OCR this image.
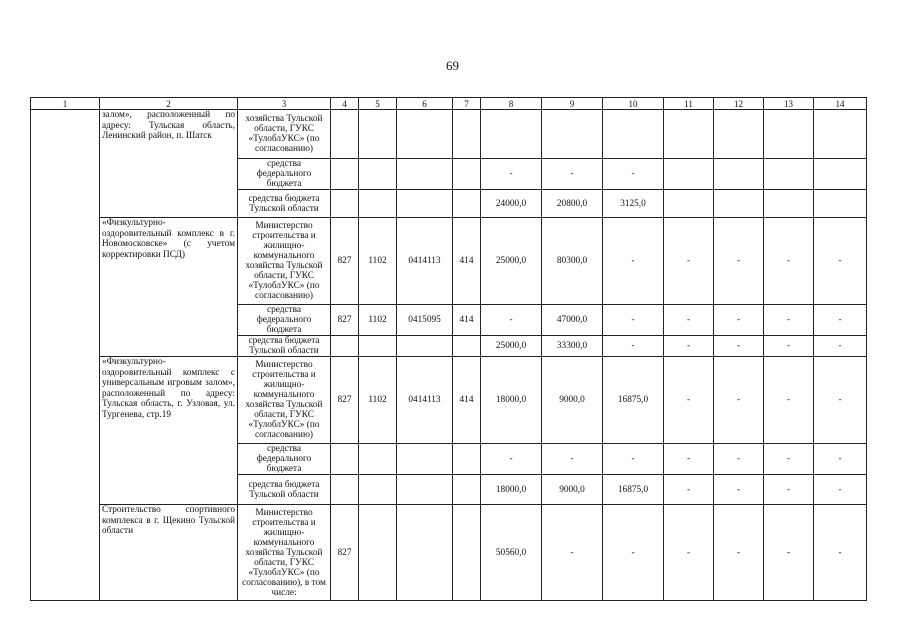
69
1	2	3	4	5	6	7	8	9	10	11	12	13	14
	залом», расположенный по адресу: Тульская область, Ленинский район, п. Шатск	хозяйства Тульской области, ГУКС «ТулоблУКС» (по согласованию)											
		средства федерального бюджета					-	-	-				
		средства бюджета Тульской области					24000,0	20800,0	3125,0				
	«Физкультурно-оздоровительный комплекс в г. Новомосковске» (с учетом корректировки ПСД)	Министерство строительства и жилищно-коммунального хозяйства Тульской области, ГУКС «ТулоблУКС» (по согласованию)	827	1102	0414113	414	25000,0	80300,0	-	-	-	-	-
		средства федерального бюджета	827	1102	0415095	414	-	47000,0	-	-	-	-	-
		средства бюджета Тульской области					25000,0	33300,0	-	-	-	-	-
	«Физкультурно-оздоровительный комплекс с универсальным игровым залом», расположенный по адресу: Тульская область, г. Узловая, ул. Тургенева, стр.19	Министерство строительства и жилищно-коммунального хозяйства Тульской области, ГУКС «ТулоблУКС» (по согласованию)	827	1102	0414113	414	18000,0	9000,0	16875,0	-	-	-	-
		средства федерального бюджета					-	-	-	-	-	-	-
		средства бюджета Тульской области					18000,0	9000,0	16875,0	-	-	-	-
	Строительство спортивного комплекса в г. Щекино Тульской области	Министерство строительства и жилищно-коммунального хозяйства Тульской области, ГУКС «ТулоблУКС» (по согласованию), в том числе:	827				50560,0	-	-	-	-	-	-
